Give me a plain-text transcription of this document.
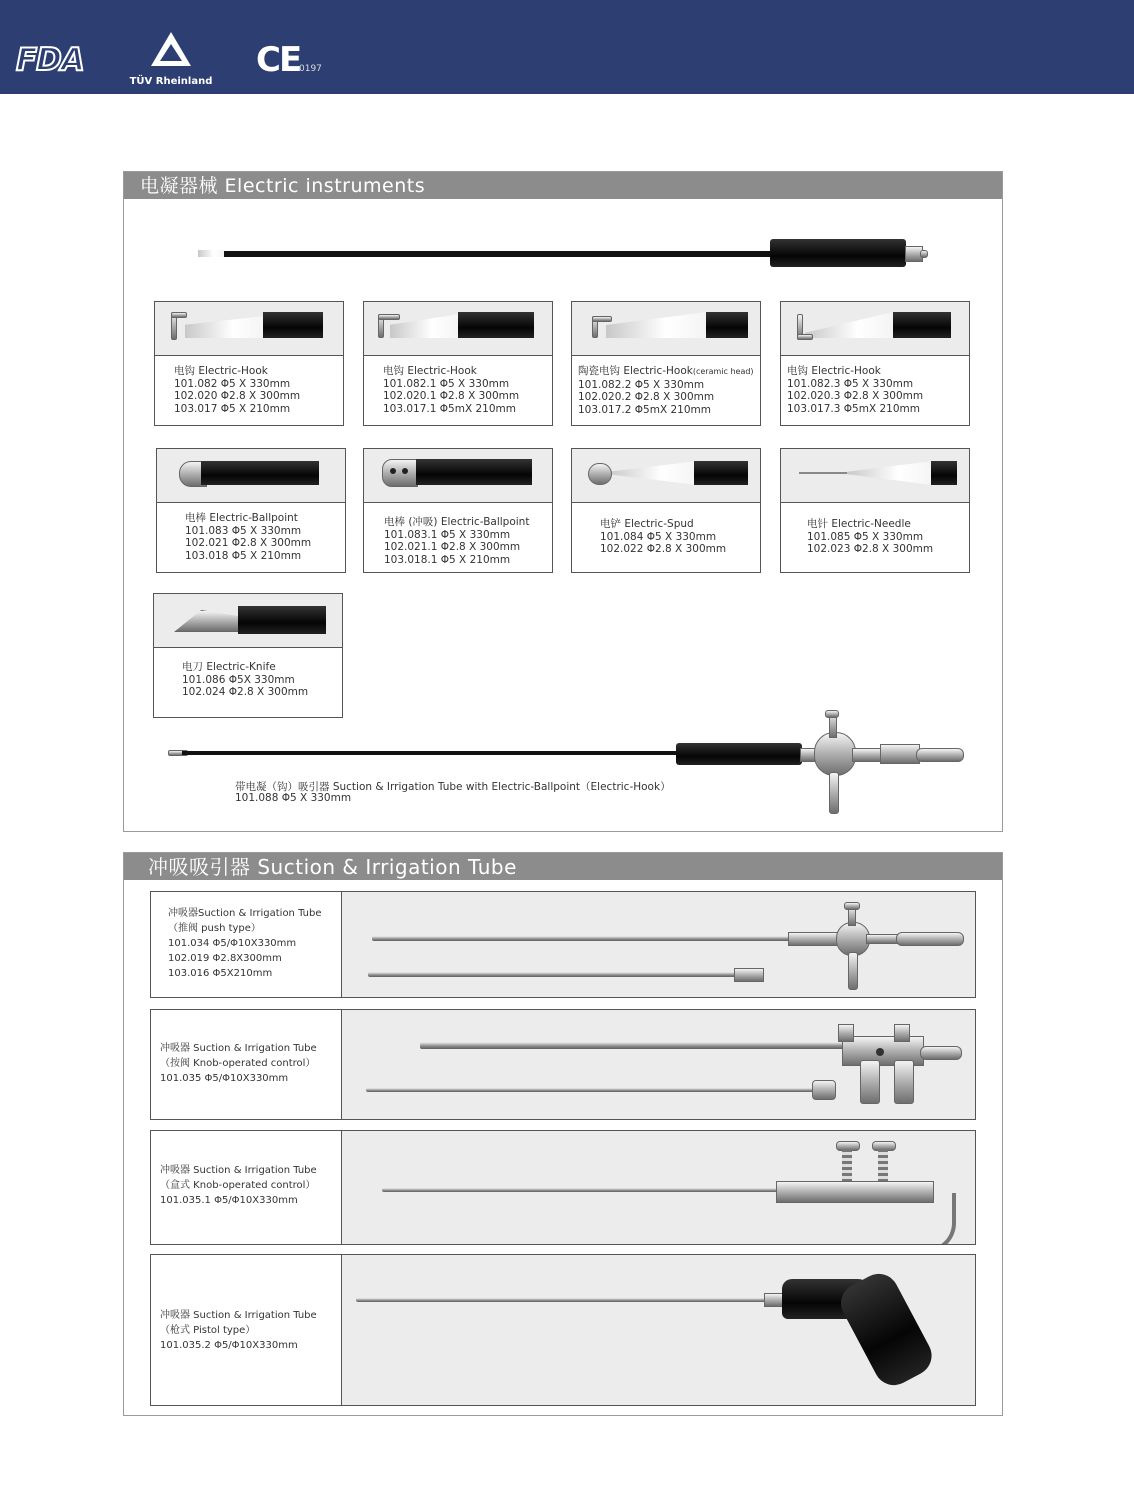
FDA
TÜV Rheinland
CE
0197
电凝器械 Electric instruments
电钩 Electric-Hook
101.082 Φ5 X 330mm
102.020 Φ2.8 X 300mm
103.017 Φ5 X 210mm
电钩 Electric-Hook
101.082.1 Φ5 X 330mm
102.020.1 Φ2.8 X 300mm
103.017.1 Φ5mX 210mm
陶瓷电钩 Electric-Hook(ceramic head)
101.082.2 Φ5 X 330mm
102.020.2 Φ2.8 X 300mm
103.017.2 Φ5mX 210mm
电钩 Electric-Hook
101.082.3 Φ5 X 330mm
102.020.3 Φ2.8 X 300mm
103.017.3 Φ5mX 210mm
电棒 Electric-Ballpoint
101.083 Φ5 X 330mm
102.021 Φ2.8 X 300mm
103.018 Φ5 X 210mm
电棒 (冲吸) Electric-Ballpoint
101.083.1 Φ5 X 330mm
102.021.1 Φ2.8 X 300mm
103.018.1 Φ5 X 210mm
电铲 Electric-Spud
101.084 Φ5 X 330mm
102.022 Φ2.8 X 300mm
电针 Electric-Needle
101.085 Φ5 X 330mm
102.023 Φ2.8 X 300mm
电刀 Electric-Knife
101.086 Φ5X 330mm
102.024 Φ2.8 X 300mm
带电凝（钩）吸引器 Suction & Irrigation Tube with Electric-Ballpoint（Electric-Hook）
101.088 Φ5 X 330mm
冲吸吸引器 Suction & Irrigation Tube
冲吸器Suction & Irrigation Tube
（推阀 push type）
101.034 Φ5/Φ10X330mm
102.019 Φ2.8X300mm
103.016 Φ5X210mm
冲吸器 Suction & Irrigation Tube
（按阀 Knob-operated control）
101.035 Φ5/Φ10X330mm
冲吸器 Suction & Irrigation Tube
（盒式 Knob-operated control）
101.035.1 Φ5/Φ10X330mm
冲吸器 Suction & Irrigation Tube
（枪式 Pistol type）
101.035.2 Φ5/Φ10X330mm
